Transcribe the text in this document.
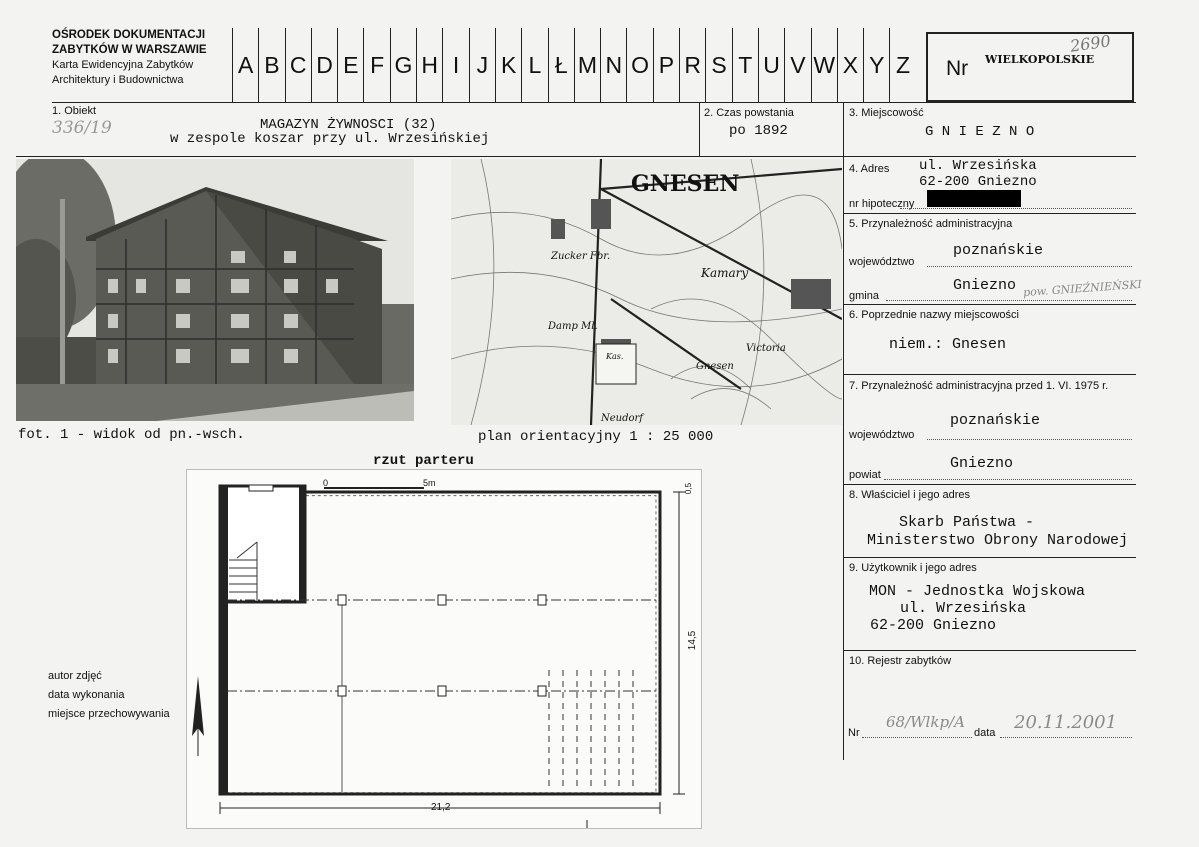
OŚRODEK DOKUMENTACJI
ZABYTKÓW W WARSZAWIE
Karta Ewidencyjna Zabytków
Architektury i Budownictwa
A B C D E F G H I J K L Ł M N O P R S T U V W X Y Z Nr WIELKOPOLSKIE
2690
1. Obiekt
336/19	MAGAZYN ŻYWNOSCI (32)
w zespole koszar przy ul. Wrzesińskiej
2. Czas powstania
po 1892
3. Miejscowość
G N I E Z N O
4. Adres ul. Wrzesińska
62-200 Gniezno
nr hipoteczny
5. Przynależność administracyjna
województwo
poznańskie
gmina
Gniezno pow. GNIEŹNIEŃSKI
6. Poprzednie nazwy miejscowości
niem.: Gnesen
7. Przynależność administracyjna przed 1. VI. 1975 r.
województwo
poznańskie
powiat
Gniezno
8. Właściciel i jego adres
Skarb Państwa -
Ministerstwo Obrony Narodowej
9. Użytkownik i jego adres
MON - Jednostka Wojskowa
ul. Wrzesińska
62-200 Gniezno
10. Rejestr zabytków
Nr
68/Wlkp/A
data 20.11.2001
fot. 1 - widok od pn.-wsch.
GNESEN
Kamary
Victoria
Neudorf
Damp Ml.
Zucker Fbr.
Gnesen
Kas.
plan orientacyjny 1 : 25 000
rzut parteru
0	5m
21,2
14,5
0,5
autor zdjęć
data wykonania
miejsce przechowywania
